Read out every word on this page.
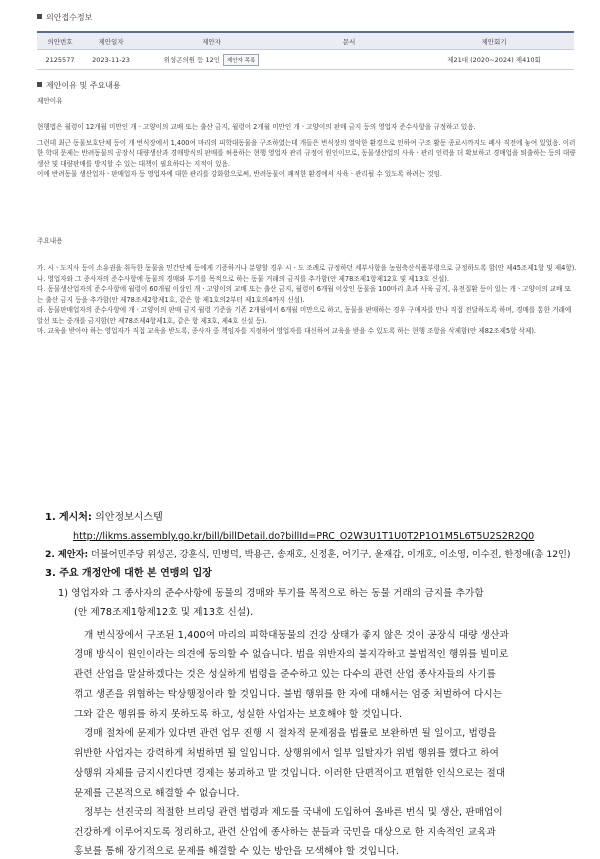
의안접수정보
의안번호	제안일자	제안자	문서	제안회기
2125577	2023-11-23	위성곤의원 등 12인 제안자 목록		제21대 (2020~2024) 제410회
제안이유 및 주요내용
제안이유

현행법은 월령이 12개월 미만인 개ㆍ고양이의 교배 또는 출산 금지, 월령이 2개월 미만인 개ㆍ고양이의 판매 금지 등의 영업자 준수사항을 규정하고 있음.

그런데 최근 동물보호단체 등이 개 번식장에서 1,400여 마리의 피학대동물을 구조하였는데 개들은 번식장의 열악한 환경으로 인하여 구조 활동 종료시까지도 폐사 직전에 놓여 있었음. 이러한 학대 문제는 반려동물의 공장식 대량생산과 경매방식의 판매를 허용하는 현행 영업자 관리 규정이 원인이므로, 동물생산업의 사육ㆍ관리 인력을 더 확보하고 경매업을 퇴출하는 등의 대량생산 및 대량판매를 방지할 수 있는 대책이 필요하다는 지적이 있음.

이에 반려동물 생산업자ㆍ판매업자 등 영업자에 대한 관리를 강화함으로써, 반려동물이 쾌적한 환경에서 사육ㆍ관리될 수 있도록 하려는 것임.

주요내용

가. 시ㆍ도지사 등이 소유권을 취득한 동물을 민간단체 등에게 기증하거나 분양할 경우 시ㆍ도 조례로 규정하던 세부사항을 농림축산식품부령으로 규정하도록 함(안 제45조제1항 및 제4항).

나. 영업자와 그 종사자의 준수사항에 동물의 경매와 투기를 목적으로 하는 동물 거래의 금지를 추가함(안 제78조제1항제12호 및 제13호 신설).

다. 동물생산업자의 준수사항에 월령이 60개월 이상인 개ㆍ고양이의 교배 또는 출산 금지, 월령이 6개월 이상인 동물을 100마리 초과 사육 금지, 유전질환 등이 있는 개ㆍ고양이의 교배 또는 출산 금지 등을 추가함(안 제78조제2항제1호, 같은 항 제1호의2부터 제1호의4까지 신설).

라. 동물판매업자의 준수사항에 개ㆍ고양이의 판매 금지 월령 기준을 기존 2개월에서 6개월 미만으로 하고, 동물을 판매하는 경우 구매자를 만나 직접 전달하도록 하며, 경매를 통한 거래에 알선 또는 중개를 금지함(안 제78조제4항제1호, 같은 항 제3호, 제4호 신설 등).

마. 교육을 받아야 하는 영업자가 직접 교육을 받도록, 종사자 중 책임자를 지정하여 영업자를 대신하여 교육을 받을 수 있도록 하는 현행 조항을 삭제함(안 제82조제5항 삭제).

1. 게시처: 의안정보시스템
http://likms.assembly.go.kr/bill/billDetail.do?billId=PRC_O2W3U1T1U0T2P1O1M5L6T5U2S2R2Q0
2. 제안자: 더불어민주당 위성곤, 강훈식, 민병덕, 박용근, 송재호, 신정훈, 어기구, 윤재갑, 이개호, 이소영, 이수진, 한정애(총 12인)
3. 주요 개정안에 대한 본 연맹의 입장
1) 영업자와 그 종사자의 준수사항에 동물의 경매와 투기를 목적으로 하는 동물 거래의 금지를 추가함
(안 제78조제1항제12호 및 제13호 신설).
개 번식장에서 구조된 1,400여 마리의 피학대동물의 건강 상태가 좋지 않은 것이 공장식 대량 생산과
경매 방식이 원인이라는 의견에 동의할 수 없습니다. 법을 위반자의 불지각하고 불법적인 행위를 빌미로
관련 산업을 말살하겠다는 것은 성실하게 법령을 준수하고 있는 다수의 관련 산업 종사자들의 사기를
꺾고 생존을 위협하는 탁상행정이라 할 것입니다. 불법 행위를 한 자에 대해서는 엄중 처벌하여 다시는
그와 같은 행위를 하지 못하도록 하고, 성실한 사업자는 보호해야 할 것입니다.
경매 절차에 문제가 있다면 관련 업무 진행 시 절차적 문제점을 법률로 보완하면 될 일이고, 법령을
위반한 사업자는 강력하게 처벌하면 될 일입니다. 상행위에서 일부 일탈자가 위법 행위를 했다고 하여
상행위 자체를 금지시킨다면 경제는 붕괴하고 말 것입니다. 이러한 단편적이고 편협한 인식으로는 절대
문제를 근본적으로 해결할 수 없습니다.
정부는 선진국의 적절한 브리딩 관련 법령과 제도를 국내에 도입하여 올바른 번식 및 생산, 판매업이
건강하게 이루어지도록 정리하고, 관련 산업에 종사하는 분들과 국민을 대상으로 한 지속적인 교육과
홍보를 통해 장기적으로 문제를 해결할 수 있는 방안을 모색해야 할 것입니다.
